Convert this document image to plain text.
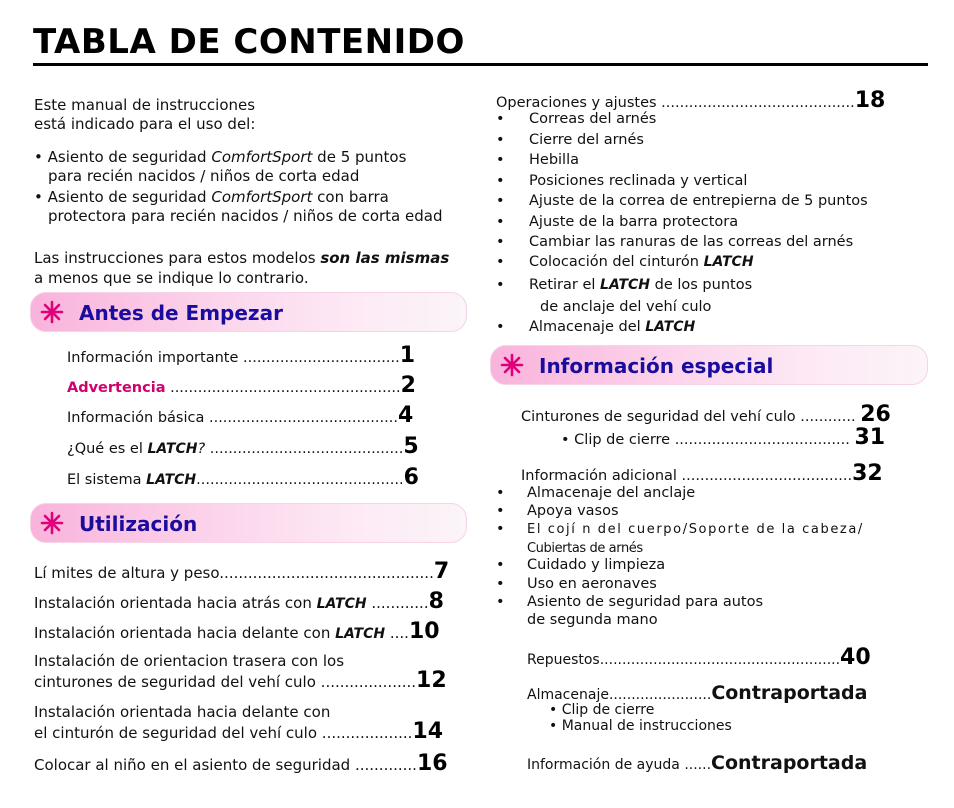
TABLA DE CONTENIDO
Este manual de instrucciones
está indicado para el uso del:
• Asiento de seguridad ComfortSport de 5 puntos
para recién nacidos / niños de corta edad
• Asiento de seguridad ComfortSport con barra
protectora para recién nacidos / niños de corta edad
Las instrucciones para estos modelos son las mismas
a menos que se indique lo contrario.
Antes de Empezar
Información importante ..................................1
Advertencia ..................................................2
Información básica .........................................4
¿Qué es el LATCH? ..........................................5
El sistema LATCH.............................................6
Utilización
Lí mites de altura y peso.............................................7
Instalación orientada hacia atrás con LATCH ............8
Instalación orientada hacia delante con LATCH ....10
Instalación de orientacion trasera con los
cinturones de seguridad del vehí culo ....................12
Instalación orientada hacia delante con
el cinturón de seguridad del vehí culo ...................14
Colocar al niño en el asiento de seguridad .............16
Operaciones y ajustes ..........................................18
• Correas del arnés
• Cierre del arnés
• Hebilla
• Posiciones reclinada y vertical
• Ajuste de la correa de entrepierna de 5 puntos
• Ajuste de la barra protectora
• Cambiar las ranuras de las correas del arnés
• Colocación del cinturón LATCH
• Retirar el LATCH de los puntos
de anclaje del vehí culo
• Almacenaje del LATCH
Información especial
Cinturones de seguridad del vehí culo ............ 26
• Clip de cierre ...................................... 31
Información adicional .....................................32
• Almacenaje del anclaje
• Apoya vasos
• El cojí n del cuerpo/Soporte de la cabeza/
Cubiertas de arnés
• Cuidado y limpieza
• Uso en aeronaves
• Asiento de seguridad para autos
de segunda mano
Repuestos......................................................40
Almacenaje.......................Contraportada
• Clip de cierre
• Manual de instrucciones
Información de ayuda ......Contraportada
